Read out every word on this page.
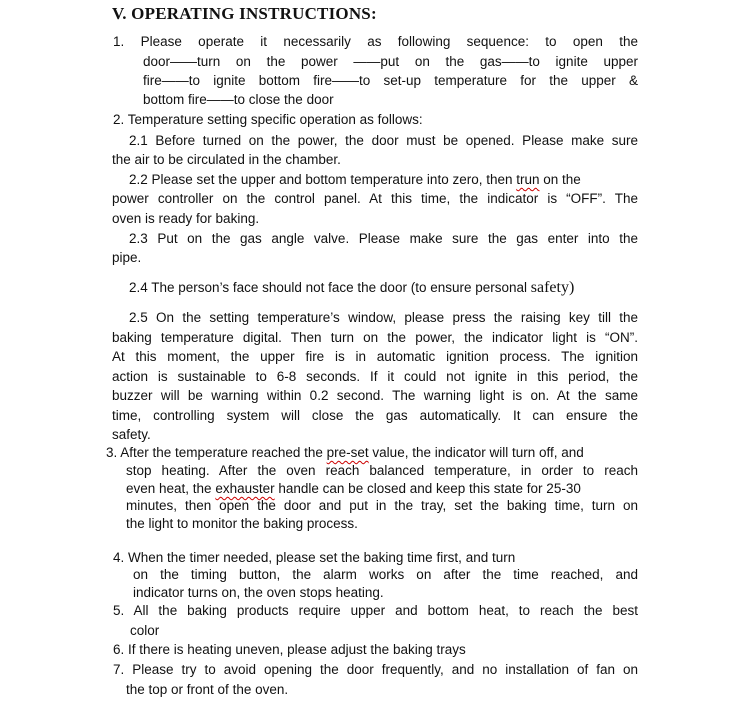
V. OPERATING INSTRUCTIONS:
1. Please operate it necessarily as following sequence: to open the
door——turn on the power ——put on the gas——to ignite upper
fire——to ignite bottom fire——to set-up temperature for the upper &
bottom fire——to close the door
2. Temperature setting specific operation as follows:
2.1 Before turned on the power, the door must be opened. Please make sure
the air to be circulated in the chamber.
2.2 Please set the upper and bottom temperature into zero, then trun on the
power controller on the control panel. At this time, the indicator is “OFF”. The
oven is ready for baking.
2.3 Put on the gas angle valve. Please make sure the gas enter into the
pipe.
2.4 The person’s face should not face the door (to ensure personal safety)
2.5 On the setting temperature’s window, please press the raising key till the
baking temperature digital. Then turn on the power, the indicator light is “ON”.
At this moment, the upper fire is in automatic ignition process. The ignition
action is sustainable to 6-8 seconds. If it could not ignite in this period, the
buzzer will be warning within 0.2 second. The warning light is on. At the same
time, controlling system will close the gas automatically. It can ensure the
safety.
3. After the temperature reached the pre-set value, the indicator will turn off, and
stop heating. After the oven reach balanced temperature, in order to reach
even heat, the exhauster handle can be closed and keep this state for 25-30
minutes, then open the door and put in the tray, set the baking time, turn on
the light to monitor the baking process.
4. When the timer needed, please set the baking time first, and turn
on the timing button, the alarm works on after the time reached, and
indicator turns on, the oven stops heating.
5. All the baking products require upper and bottom heat, to reach the best
color
6. If there is heating uneven, please adjust the baking trays
7. Please try to avoid opening the door frequently, and no installation of fan on
the top or front of the oven.
